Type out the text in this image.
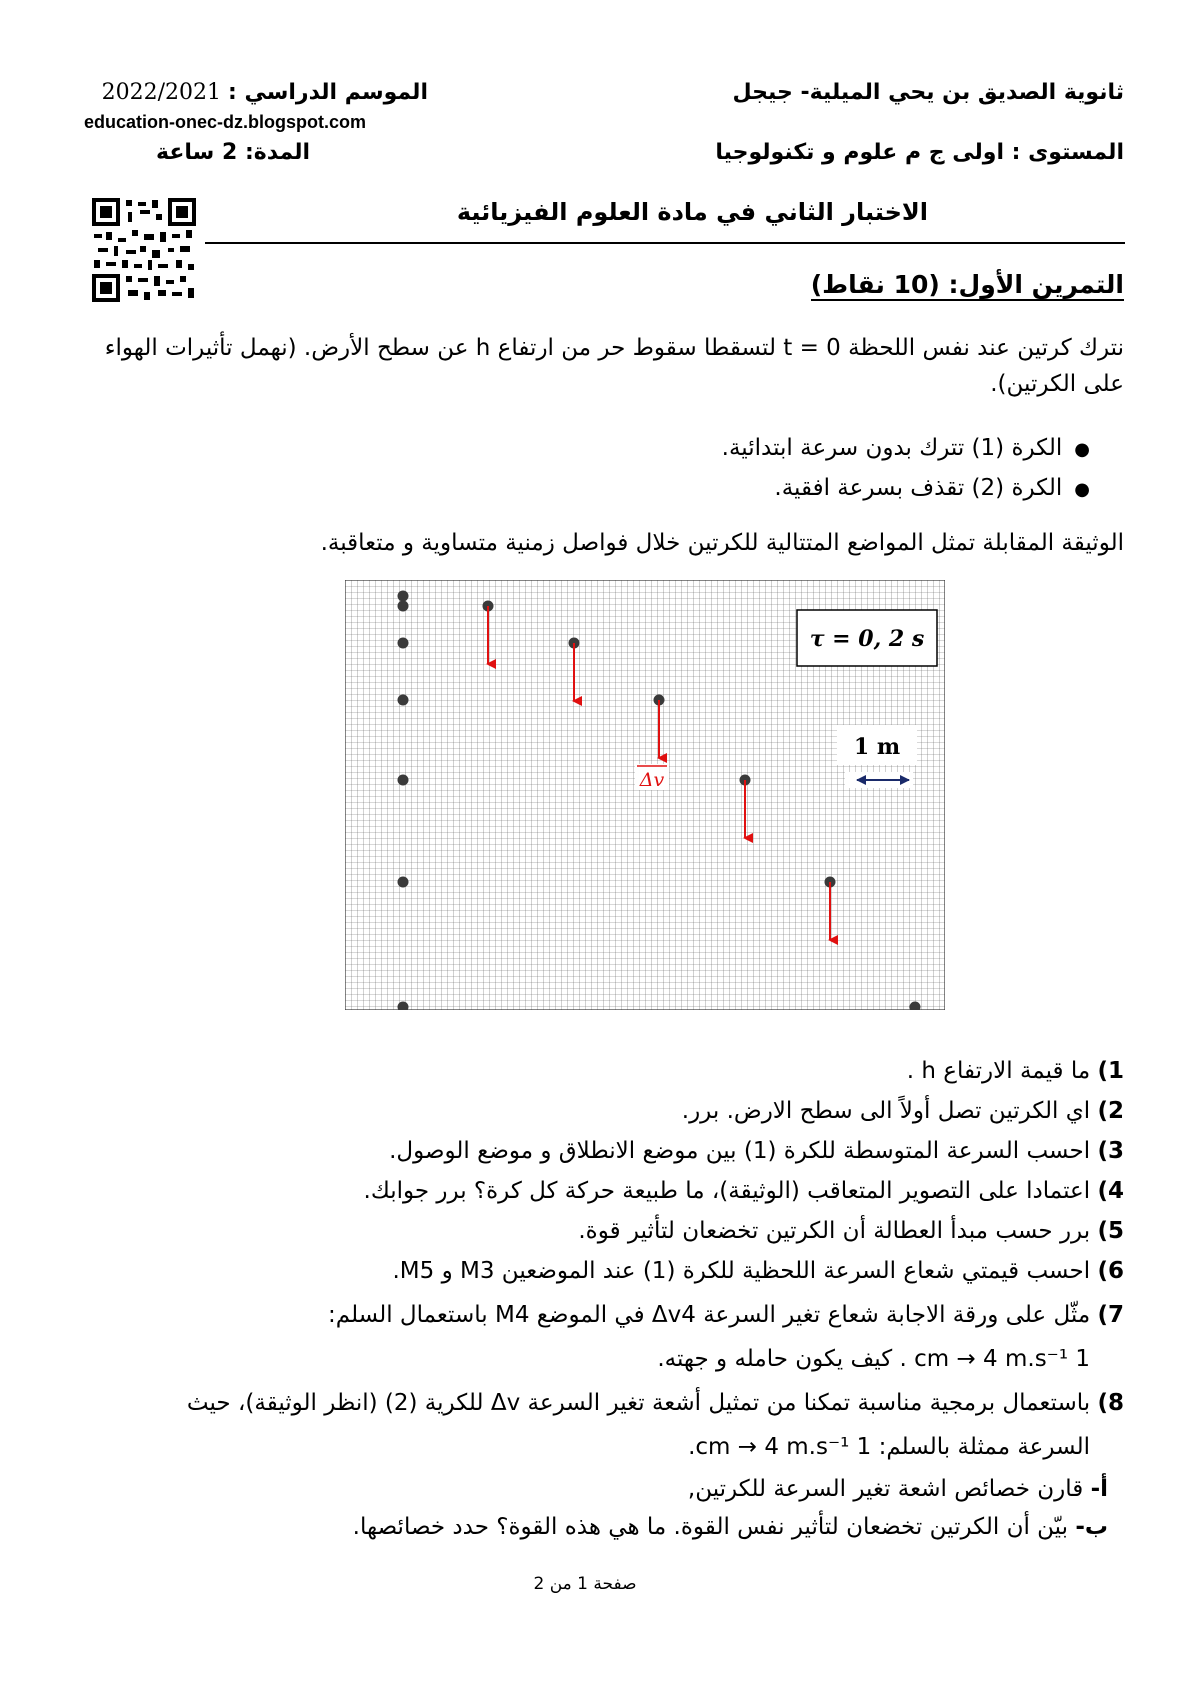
ثانوية الصديق بن يحي الميلية- جيجل
المستوى : اولى ج م علوم و تكنولوجيا
الموسم الدراسي : 2022/2021
education-onec-dz.blogspot.com
المدة: 2 ساعة
الاختبار الثاني في مادة العلوم الفيزيائية
التمرين الأول: (10 نقاط)
نترك كرتين عند نفس اللحظة t = 0 لتسقطا سقوط حر من ارتفاع h عن سطح الأرض. (نهمل تأثيرات الهواء على الكرتين).
●الكرة (1) تترك بدون سرعة ابتدائية.
●الكرة (2) تقذف بسرعة افقية.
الوثيقة المقابلة تمثل المواضع المتتالية للكرتين خلال فواصل زمنية متساوية و متعاقبة.
τ = 0, 2 s
1 m
Δv
1) ما قيمة الارتفاع h .
2) اي الكرتين تصل أولاً الى سطح الارض. برر.
3) احسب السرعة المتوسطة للكرة (1) بين موضع الانطلاق و موضع الوصول.
4) اعتمادا على التصوير المتعاقب (الوثيقة)، ما طبيعة حركة كل كرة؟ برر جوابك.
5) برر حسب مبدأ العطالة أن الكرتين تخضعان لتأثير قوة.
6) احسب قيمتي شعاع السرعة اللحظية للكرة (1) عند الموضعين M3 و M5.
7) مثّل على ورقة الاجابة شعاع تغير السرعة Δv4 في الموضع M4 باستعمال السلم:
1 cm → 4 m.s⁻¹ . كيف يكون حامله و جهته.
8) باستعمال برمجية مناسبة تمكنا من تمثيل أشعة تغير السرعة Δv للكرية (2) (انظر الوثيقة)، حيث
السرعة ممثلة بالسلم: 1 cm → 4 m.s⁻¹.
أ- قارن خصائص اشعة تغير السرعة للكرتين,
ب- بيّن أن الكرتين تخضعان لتأثير نفس القوة. ما هي هذه القوة؟ حدد خصائصها.
صفحة 1 من 2
